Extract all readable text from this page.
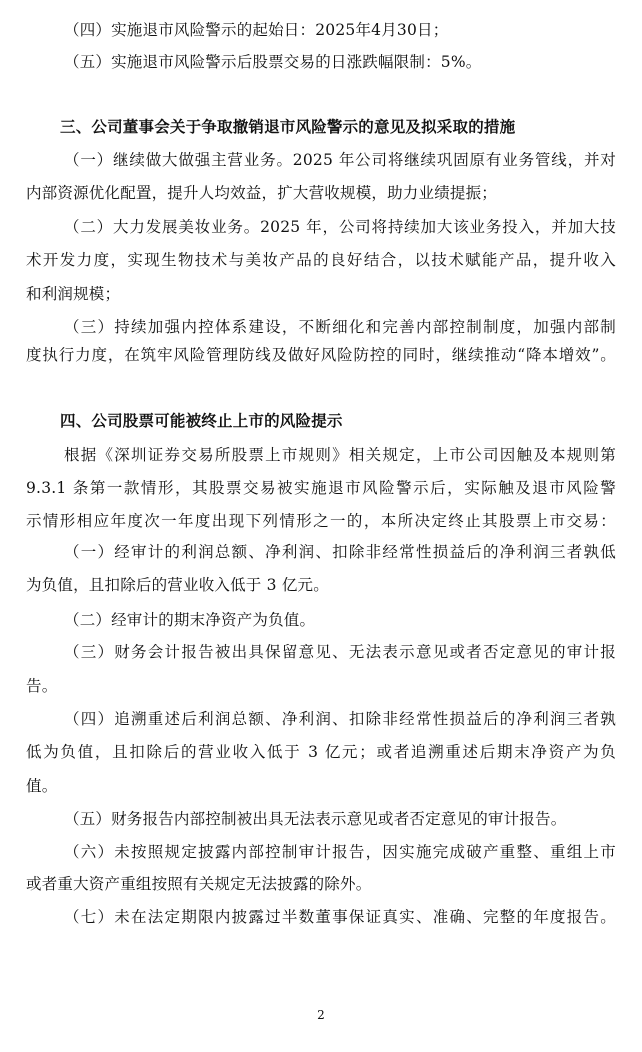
（四）实施退市风险警示的起始日：2025年4月30日；
（五）实施退市风险警示后股票交易的日涨跌幅限制：5%。
三、公司董事会关于争取撤销退市风险警示的意见及拟采取的措施
（一）继续做大做强主营业务。2025 年公司将继续巩固原有业务管线，并对
内部资源优化配置，提升人均效益，扩大营收规模，助力业绩提振；
（二）大力发展美妆业务。2025 年，公司将持续加大该业务投入，并加大技
术开发力度，实现生物技术与美妆产品的良好结合，以技术赋能产品，提升收入
和利润规模；
（三）持续加强内控体系建设，不断细化和完善内部控制制度，加强内部制
度执行力度，在筑牢风险管理防线及做好风险防控的同时，继续推动“降本增效”。
四、公司股票可能被终止上市的风险提示
根据《深圳证券交易所股票上市规则》相关规定，上市公司因触及本规则第
9.3.1 条第一款情形，其股票交易被实施退市风险警示后，实际触及退市风险警
示情形相应年度次一年度出现下列情形之一的，本所决定终止其股票上市交易：
（一）经审计的利润总额、净利润、扣除非经常性损益后的净利润三者孰低
为负值，且扣除后的营业收入低于 3 亿元。
（二）经审计的期末净资产为负值。
（三）财务会计报告被出具保留意见、无法表示意见或者否定意见的审计报
告。
（四）追溯重述后利润总额、净利润、扣除非经常性损益后的净利润三者孰
低为负值，且扣除后的营业收入低于 3 亿元；或者追溯重述后期末净资产为负
值。
（五）财务报告内部控制被出具无法表示意见或者否定意见的审计报告。
（六）未按照规定披露内部控制审计报告，因实施完成破产重整、重组上市
或者重大资产重组按照有关规定无法披露的除外。
（七）未在法定期限内披露过半数董事保证真实、准确、完整的年度报告。
2
